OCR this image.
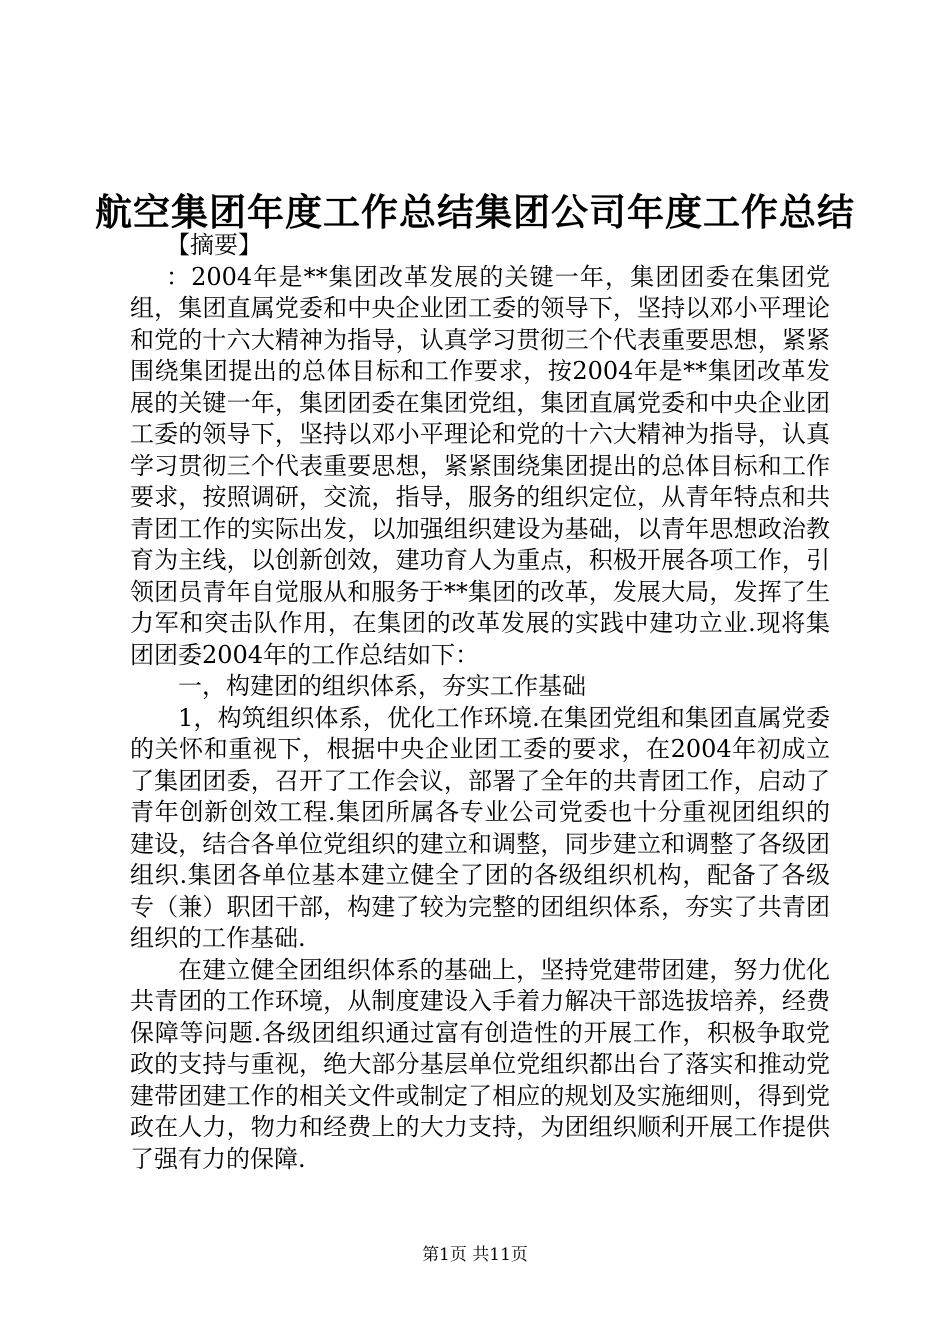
航空集团年度工作总结集团公司年度工作总结

【摘要】

：2004年是**集团改革发展的关键一年，集团团委在集团党组，集团直属党委和中央企业团工委的领导下，坚持以邓小平理论和党的十六大精神为指导，认真学习贯彻三个代表重要思想，紧紧围绕集团提出的总体目标和工作要求，按2004年是**集团改革发展的关键一年，集团团委在集团党组，集团直属党委和中央企业团工委的领导下，坚持以邓小平理论和党的十六大精神为指导，认真学习贯彻三个代表重要思想，紧紧围绕集团提出的总体目标和工作要求，按照调研，交流，指导，服务的组织定位，从青年特点和共青团工作的实际出发，以加强组织建设为基础，以青年思想政治教育为主线，以创新创效，建功育人为重点，积极开展各项工作，引领团员青年自觉服从和服务于**集团的改革，发展大局，发挥了生力军和突击队作用，在集团的改革发展的实践中建功立业.现将集团团委2004年的工作总结如下：

一，构建团的组织体系，夯实工作基础

1，构筑组织体系，优化工作环境.在集团党组和集团直属党委的关怀和重视下，根据中央企业团工委的要求，在2004年初成立了集团团委，召开了工作会议，部署了全年的共青团工作，启动了青年创新创效工程.集团所属各专业公司党委也十分重视团组织的建设，结合各单位党组织的建立和调整，同步建立和调整了各级团组织.集团各单位基本建立健全了团的各级组织机构，配备了各级专（兼）职团干部，构建了较为完整的团组织体系，夯实了共青团组织的工作基础.

在建立健全团组织体系的基础上，坚持党建带团建，努力优化共青团的工作环境，从制度建设入手着力解决干部选拔培养，经费保障等问题.各级团组织通过富有创造性的开展工作，积极争取党政的支持与重视，绝大部分基层单位党组织都出台了落实和推动党建带团建工作的相关文件或制定了相应的规划及实施细则，得到党政在人力，物力和经费上的大力支持，为团组织顺利开展工作提供了强有力的保障.

第1页 共11页
